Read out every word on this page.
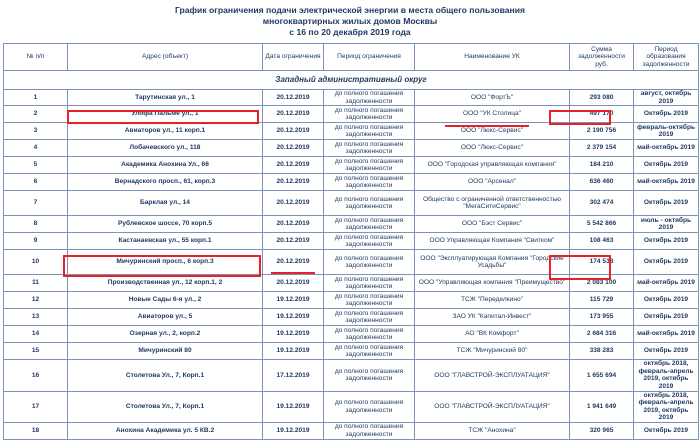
График ограничения подачи электрической энергии в места общего пользования
многоквартирных жилых домов Москвы
с 16 по 20 декабря 2019 года
№ п/п	Адрес (объект)	Дата ограничения	Период ограничения	Наименование УК	Сумма задолженности руб.	Период образования задолженности
Западный административный округ						
1	Тарутинская ул., 1	20.12.2019	до полного погашения задолженности	ООО "ФортЪ"	293 080	август, октябрь 2019
2	Улофа Пальме ул., 1	20.12.2019	до полного погашения задолженности	ООО "УК Столица"	497 170	Октябрь 2019
3	Авиаторов ул., 11 корп.1	20.12.2019	до полного погашения задолженности	ООО "Люкс-Сервис"	2 190 756	февраль-октябрь 2019
4	Лобачевского ул., 118	20.12.2019	до полного погашения задолженности	ООО "Люкс-Сервис"	2 379 154	май-октябрь 2019
5	Академика Анохина Ул., 66	20.12.2019	до полного погашения задолженности	ООО "Городская управляющая компания"	184 210	Октябрь 2019
6	Вернадского просп., 61, корп.3	20.12.2019	до полного погашения задолженности	ООО "Арсенал"	636 460	май-октябрь 2019
7	Барклая ул., 14	20.12.2019	до полного погашения задолженности	Общество с ограниченной ответственностью "МегаСитиСервис"	302 474	Октябрь 2019
8	Рублевское шоссе, 70 корп.5	20.12.2019	до полного погашения задолженности	ООО "Бэст Сервис"	5 542 866	июль - октябрь 2019
9	Кастанаевская ул., 55 корп.1	20.12.2019	до полного погашения задолженности	ООО Управляющая Компания "Свитком"	108 463	Октябрь 2019
10	Мичуринский просп., 6 корп.3	20.12.2019	до полного погашения задолженности	ООО "Эксплуатирующая Компания "Городские Усадьбы"	174 538	Октябрь 2019
11	Производственная ул., 12 корп.1, 2	20.12.2019	до полного погашения задолженности	ООО "Управляющая компания "Преимущество"	2 083 100	май-октябрь 2019
12	Новые Сады 6-я ул., 2	19.12.2019	до полного погашения задолженности	ТСЖ "Переделкино"	115 729	Октябрь 2019
13	Авиаторов ул., 5	19.12.2019	до полного погашения задолженности	ЗАО УК "Капитал-Инвест"	173 955	Октябрь 2019
14	Озерная ул., 2, корп.2	19.12.2019	до полного погашения задолженности	АО "ВК Комфорт"	2 684 316	май-октябрь 2019
15	Мичуринский 80	19.12.2019	до полного погашения задолженности	ТСЖ "Мичуринский 80"	338 283	Октябрь 2019
16	Столетова Ул., 7, Корп.1	17.12.2019	до полного погашения задолженности	ООО "ГЛАВСТРОЙ-ЭКСПЛУАТАЦИЯ"	1 655 694	октябрь 2018, февраль-апрель 2019, октябрь 2019
17	Столетова Ул., 7, Корп.1	19.12.2019	до полного погашения задолженности	ООО "ГЛАВСТРОЙ-ЭКСПЛУАТАЦИЯ"	1 941 649	октябрь 2018, февраль-апрель 2019, октябрь 2019
18	Анохина Академика ул. 5 КВ.2	19.12.2019	до полного погашения задолженности	ТСЖ "Анохина"	320 965	Октябрь 2019
